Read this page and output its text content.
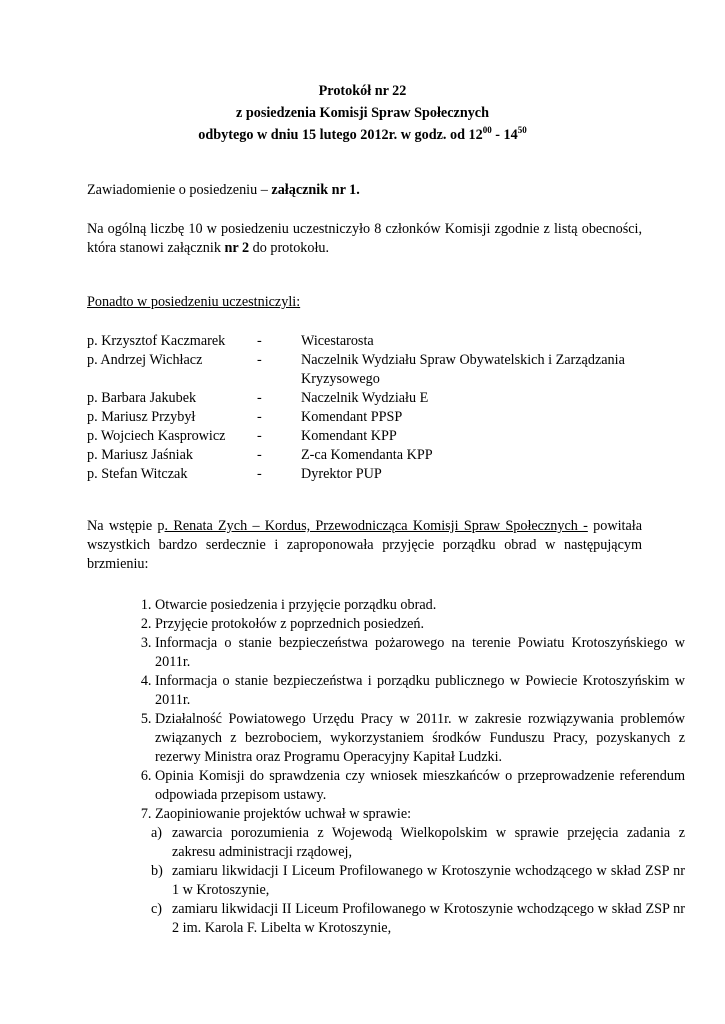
Protokół nr 22
z posiedzenia Komisji Spraw Społecznych
odbytego w dniu 15 lutego 2012r. w godz. od $12^{00} - 14^{50}$
Zawiadomienie o posiedzeniu – załącznik nr 1.
Na ogólną liczbę 10 w posiedzeniu uczestniczyło 8 członków Komisji zgodnie z listą obecności, która stanowi załącznik nr 2 do protokołu.
Ponadto w posiedzeniu uczestniczyli:
p. Krzysztof Kaczmarek -	Wicestarosta
p. Andrzej Wichłacz	-	Naczelnik Wydziału Spraw Obywatelskich i Zarządzania Kryzysowego
p. Barbara Jakubek	-	Naczelnik Wydziału E
p. Mariusz Przybył	-	Komendant PPSP
p. Wojciech Kasprowicz -	Komendant KPP
p. Mariusz Jaśniak	-	Z-ca Komendanta KPP
p. Stefan Witczak	-	Dyrektor PUP
Na wstępie p. Renata Zych – Kordus, Przewodnicząca Komisji Spraw Społecznych - powitała wszystkich bardzo serdecznie i zaproponowała przyjęcie porządku obrad w następującym brzmieniu:
1. Otwarcie posiedzenia i przyjęcie porządku obrad.
2. Przyjęcie protokołów z poprzednich posiedzeń.
3. Informacja o stanie bezpieczeństwa pożarowego na terenie Powiatu Krotoszyńskiego w 2011r.
4. Informacja o stanie bezpieczeństwa i porządku publicznego w Powiecie Krotoszyńskim w 2011r.
5. Działalność Powiatowego Urzędu Pracy w 2011r. w zakresie rozwiązywania problemów związanych z bezrobociem, wykorzystaniem środków Funduszu Pracy, pozyskanych z rezerwy Ministra oraz Programu Operacyjny Kapitał Ludzki.
6. Opinia Komisji do sprawdzenia czy wniosek mieszkańców o przeprowadzenie referendum odpowiada przepisom ustawy.
7. Zaopiniowanie projektów uchwał w sprawie:
a) zawarcia porozumienia z Wojewodą Wielkopolskim w sprawie przejęcia zadania z zakresu administracji rządowej,
b) zamiaru likwidacji I Liceum Profilowanego w Krotoszynie wchodzącego w skład ZSP nr 1 w Krotoszynie,
c) zamiaru likwidacji II Liceum Profilowanego w Krotoszynie wchodzącego w skład ZSP nr 2 im. Karola F. Libelta w Krotoszynie,
